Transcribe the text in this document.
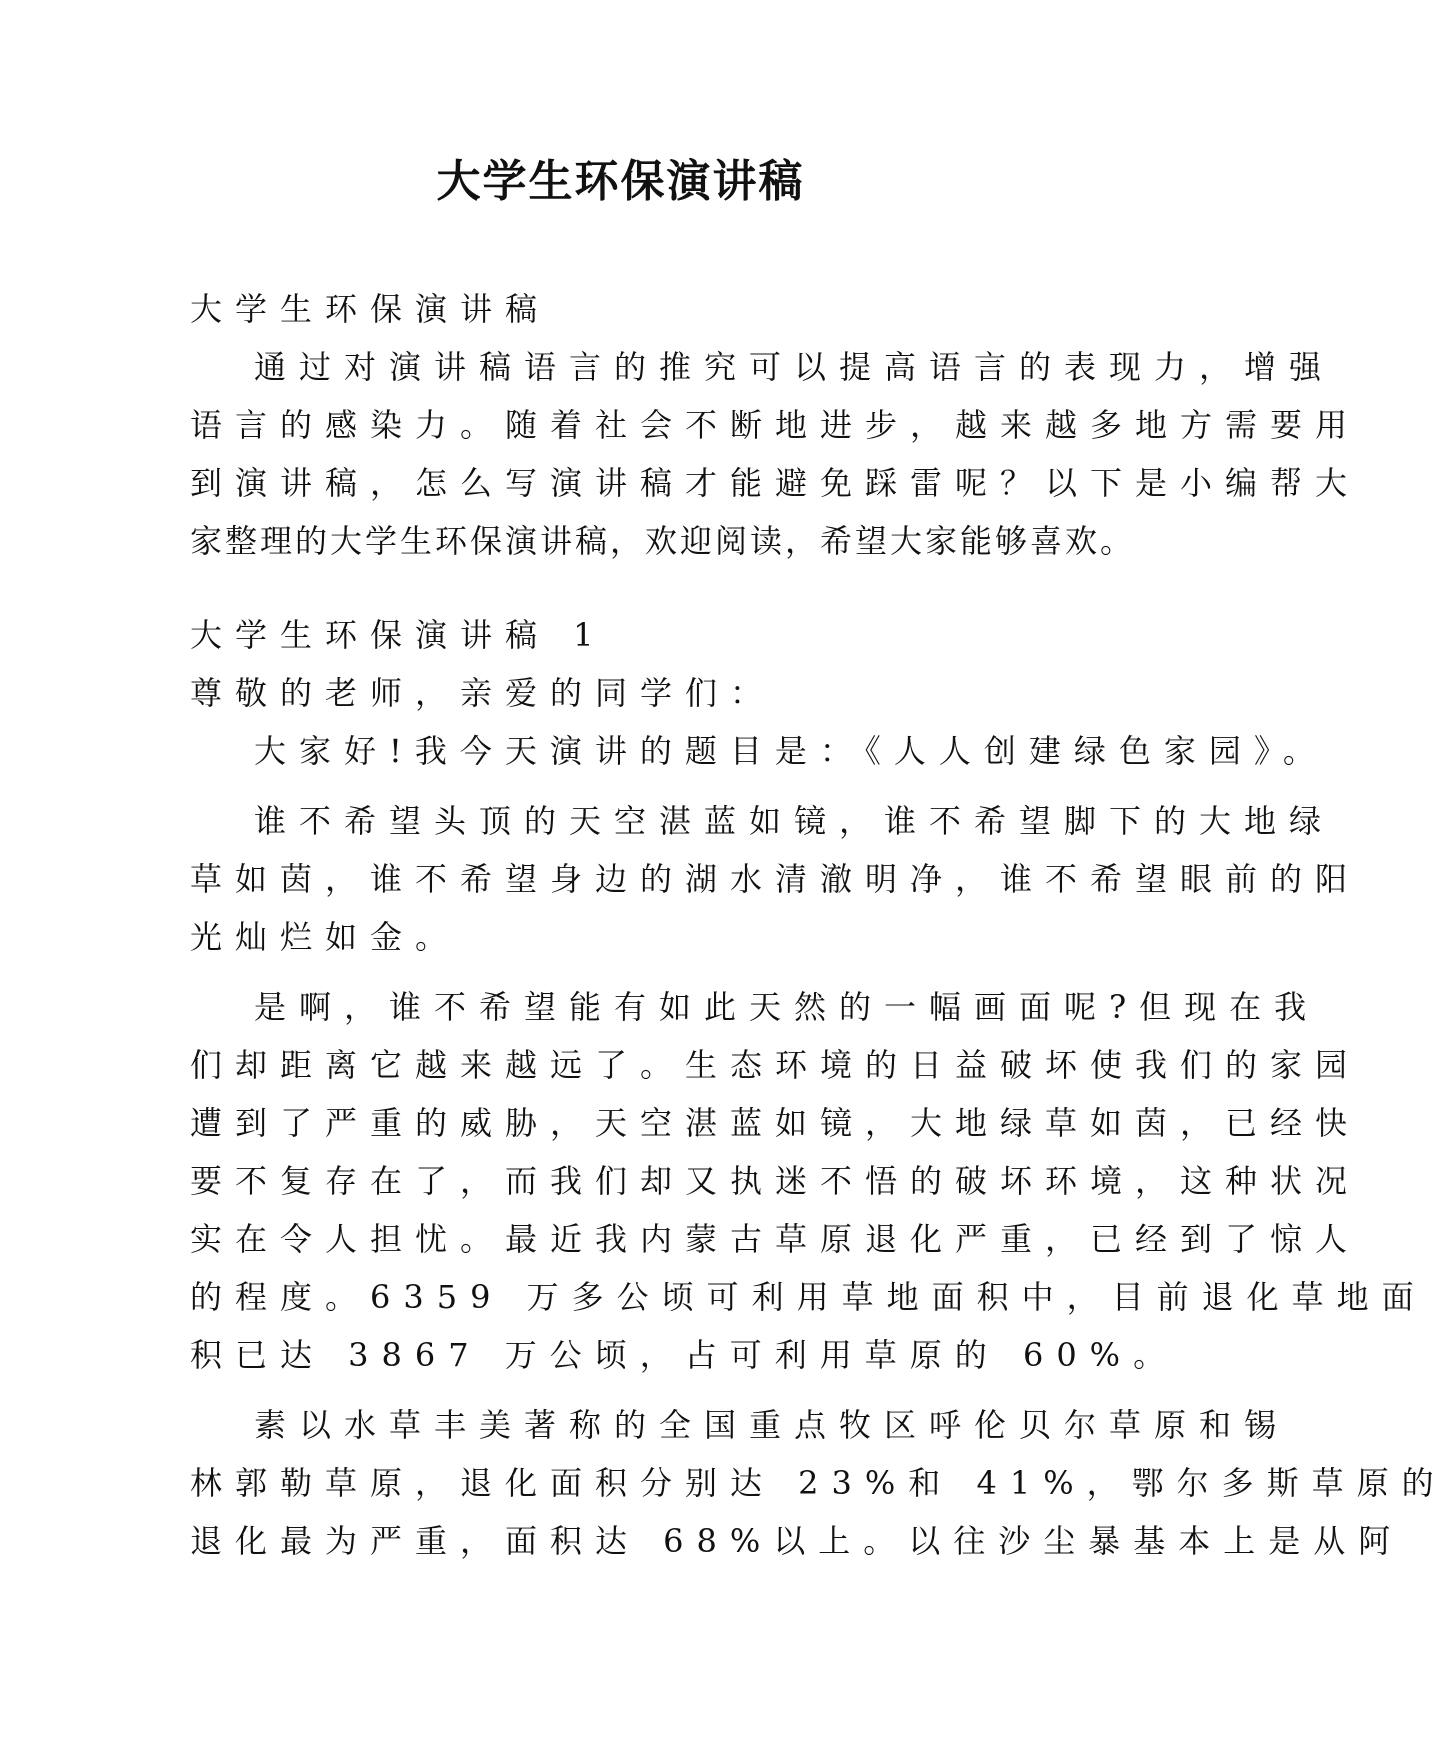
大学生环保演讲稿
大学生环保演讲稿
通过对演讲稿语言的推究可以提高语言的表现力，增强
语言的感染力。随着社会不断地进步，越来越多地方需要用
到演讲稿，怎么写演讲稿才能避免踩雷呢？以下是小编帮大
家整理的大学生环保演讲稿，欢迎阅读，希望大家能够喜欢。
大学生环保演讲稿 1
尊敬的老师，亲爱的同学们：
大家好!我今天演讲的题目是：《人人创建绿色家园》。
谁不希望头顶的天空湛蓝如镜，谁不希望脚下的大地绿
草如茵，谁不希望身边的湖水清澈明净，谁不希望眼前的阳
光灿烂如金。
是啊，谁不希望能有如此天然的一幅画面呢?但现在我
们却距离它越来越远了。生态环境的日益破坏使我们的家园
遭到了严重的威胁，天空湛蓝如镜，大地绿草如茵，已经快
要不复存在了，而我们却又执迷不悟的破坏环境，这种状况
实在令人担忧。最近我内蒙古草原退化严重，已经到了惊人
的程度。6359 万多公顷可利用草地面积中，目前退化草地面
积已达 3867 万公顷，占可利用草原的 60%。
素以水草丰美著称的全国重点牧区呼伦贝尔草原和锡
林郭勒草原，退化面积分别达 23%和 41%，鄂尔多斯草原的
退化最为严重，面积达 68%以上。以往沙尘暴基本上是从阿
